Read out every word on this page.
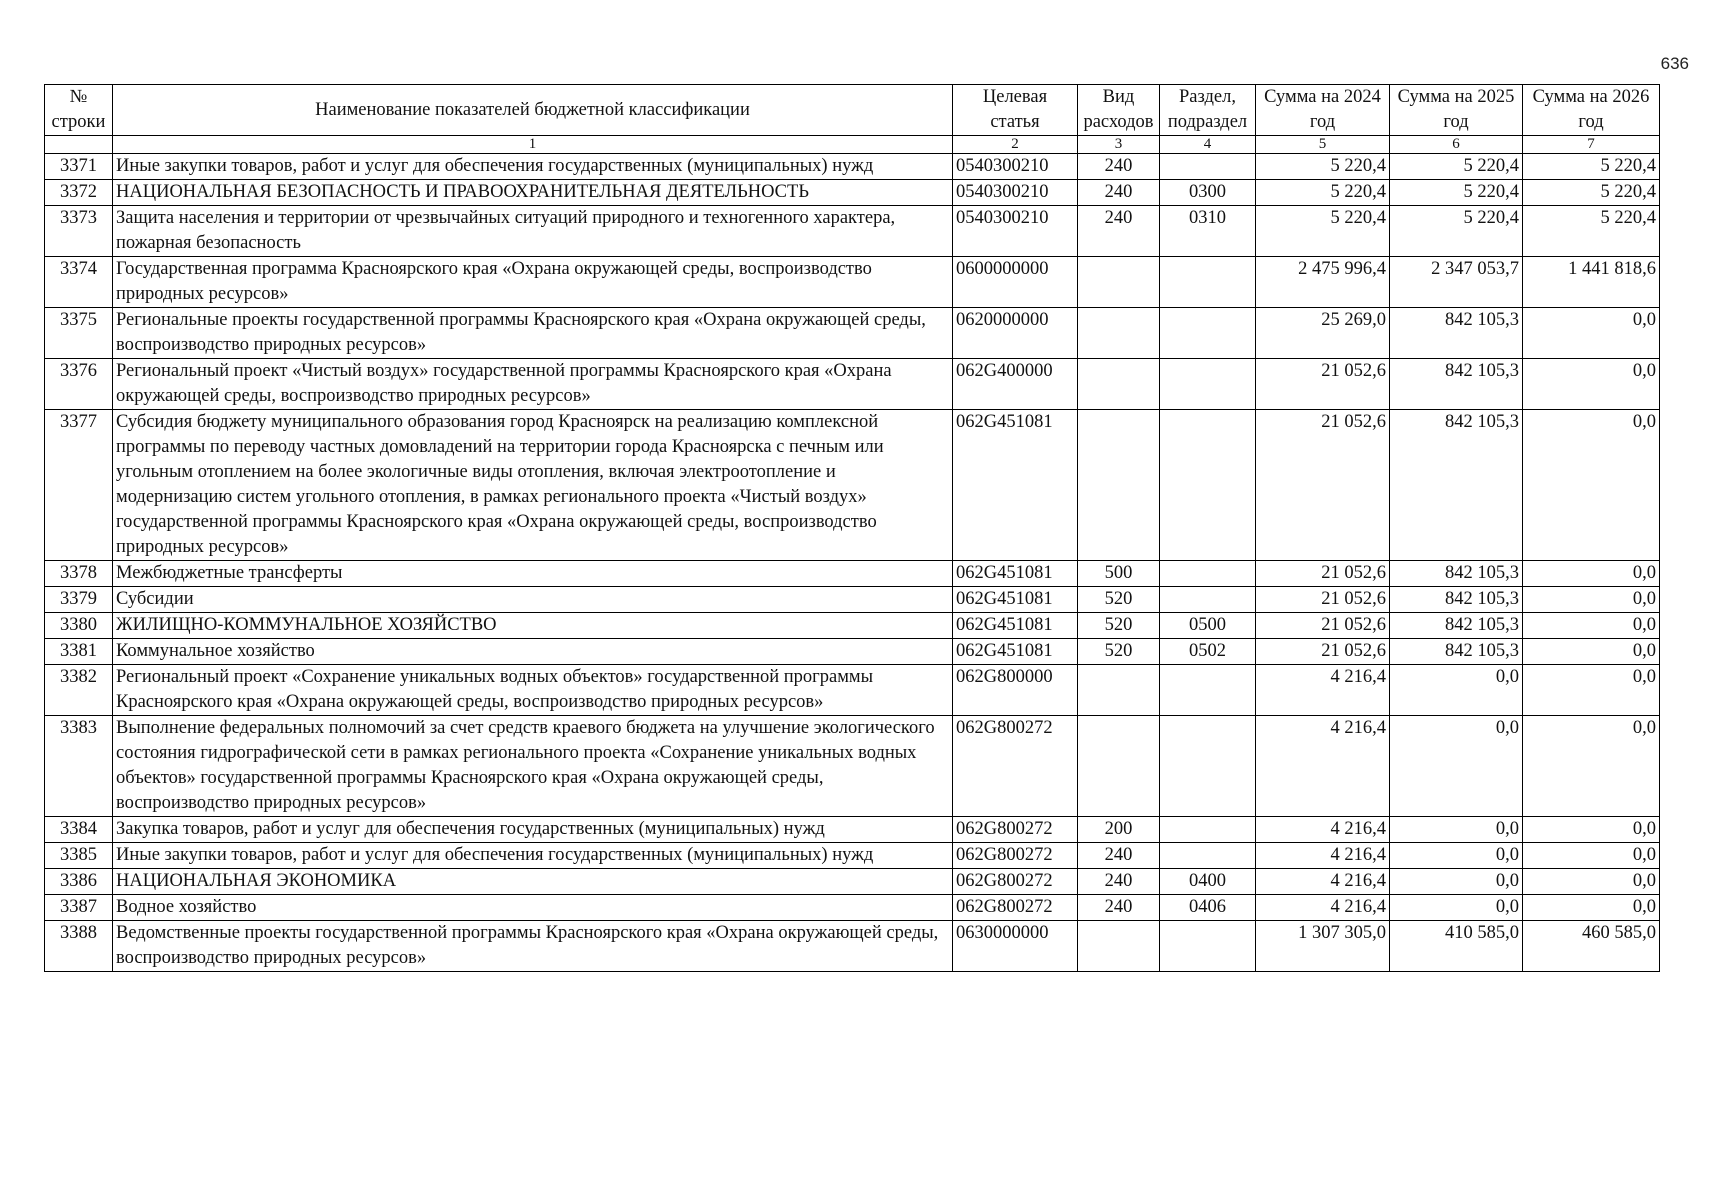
636
№ строки	Наименование показателей бюджетной классификации	Целевая статья	Вид расходов	Раздел, подраздел	Сумма на 2024 год	Сумма на 2025 год	Сумма на 2026 год
	1	2	3	4	5	6	7
3371	Иные закупки товаров, работ и услуг для обеспечения государственных (муниципальных) нужд	0540300210	240		5 220,4	5 220,4	5 220,4
3372	НАЦИОНАЛЬНАЯ БЕЗОПАСНОСТЬ И ПРАВООХРАНИТЕЛЬНАЯ ДЕЯТЕЛЬНОСТЬ	0540300210	240	0300	5 220,4	5 220,4	5 220,4
3373	Защита населения и территории от чрезвычайных ситуаций природного и техногенного характера, пожарная безопасность	0540300210	240	0310	5 220,4	5 220,4	5 220,4
3374	Государственная программа Красноярского края «Охрана окружающей среды, воспроизводство природных ресурсов»	0600000000			2 475 996,4	2 347 053,7	1 441 818,6
3375	Региональные проекты государственной программы Красноярского края «Охрана окружающей среды, воспроизводство природных ресурсов»	0620000000			25 269,0	842 105,3	0,0
3376	Региональный проект «Чистый воздух» государственной программы Красноярского края «Охрана окружающей среды, воспроизводство природных ресурсов»	062G400000			21 052,6	842 105,3	0,0
3377	Субсидия бюджету муниципального образования город Красноярск на реализацию комплексной программы по переводу частных домовладений на территории города Красноярска с печным или угольным отоплением на более экологичные виды отопления, включая электроотопление и модернизацию систем угольного отопления, в рамках регионального проекта «Чистый воздух» государственной программы Красноярского края «Охрана окружающей среды, воспроизводство природных ресурсов»	062G451081			21 052,6	842 105,3	0,0
3378	Межбюджетные трансферты	062G451081	500		21 052,6	842 105,3	0,0
3379	Субсидии	062G451081	520		21 052,6	842 105,3	0,0
3380	ЖИЛИЩНО-КОММУНАЛЬНОЕ ХОЗЯЙСТВО	062G451081	520	0500	21 052,6	842 105,3	0,0
3381	Коммунальное хозяйство	062G451081	520	0502	21 052,6	842 105,3	0,0
3382	Региональный проект «Сохранение уникальных водных объектов» государственной программы Красноярского края «Охрана окружающей среды, воспроизводство природных ресурсов»	062G800000			4 216,4	0,0	0,0
3383	Выполнение федеральных полномочий за счет средств краевого бюджета на улучшение экологического состояния гидрографической сети в рамках регионального проекта «Сохранение уникальных водных объектов» государственной программы Красноярского края «Охрана окружающей среды, воспроизводство природных ресурсов»	062G800272			4 216,4	0,0	0,0
3384	Закупка товаров, работ и услуг для обеспечения государственных (муниципальных) нужд	062G800272	200		4 216,4	0,0	0,0
3385	Иные закупки товаров, работ и услуг для обеспечения государственных (муниципальных) нужд	062G800272	240		4 216,4	0,0	0,0
3386	НАЦИОНАЛЬНАЯ ЭКОНОМИКА	062G800272	240	0400	4 216,4	0,0	0,0
3387	Водное хозяйство	062G800272	240	0406	4 216,4	0,0	0,0
3388	Ведомственные проекты государственной программы Красноярского края «Охрана окружающей среды, воспроизводство природных ресурсов»	0630000000			1 307 305,0	410 585,0	460 585,0
